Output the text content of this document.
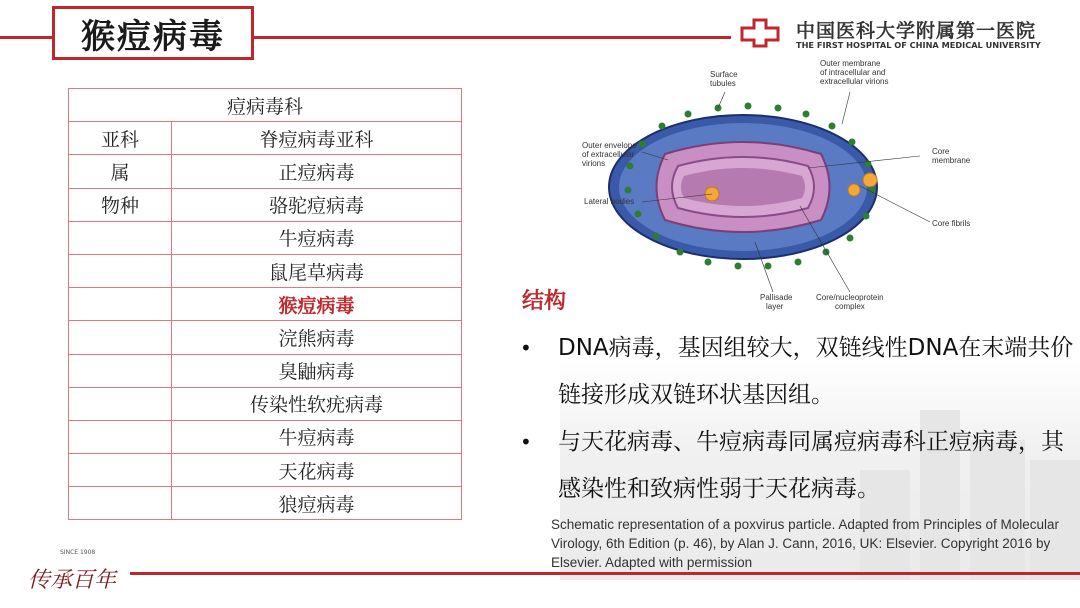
猴痘病毒	中国医科大学附属第一医院
THE FIRST HOSPITAL OF CHINA MEDICAL UNIVERSITY
痘病毒科	
亚科	脊痘病毒亚科
属	正痘病毒
物种	骆驼痘病毒
	牛痘病毒
	鼠尾草病毒
	猴痘病毒
	浣熊病毒
	臭鼬病毒
	传染性软疣病毒
	牛痘病毒
	天花病毒
	狼痘病毒
Surface tubules
Outer membrane of intracellular and extracellular virions
Outer envelope of extracellular virions
Core membrane
Lateral bodies
Core fibrils
Pallisade layer
Core/nucleoprotein complex
结构
•	DNA病毒，基因组较大，双链线性DNA在末端共价链接形成双链环状基因组。
•	与天花病毒、牛痘病毒同属痘病毒科正痘病毒，其感染性和致病性弱于天花病毒。
Schematic representation of a poxvirus particle. Adapted from Principles of Molecular Virology, 6th Edition (p. 46), by Alan J. Cann, 2016, UK: Elsevier. Copyright 2016 by Elsevier. Adapted with permission
SINCE 1908
传承百年
